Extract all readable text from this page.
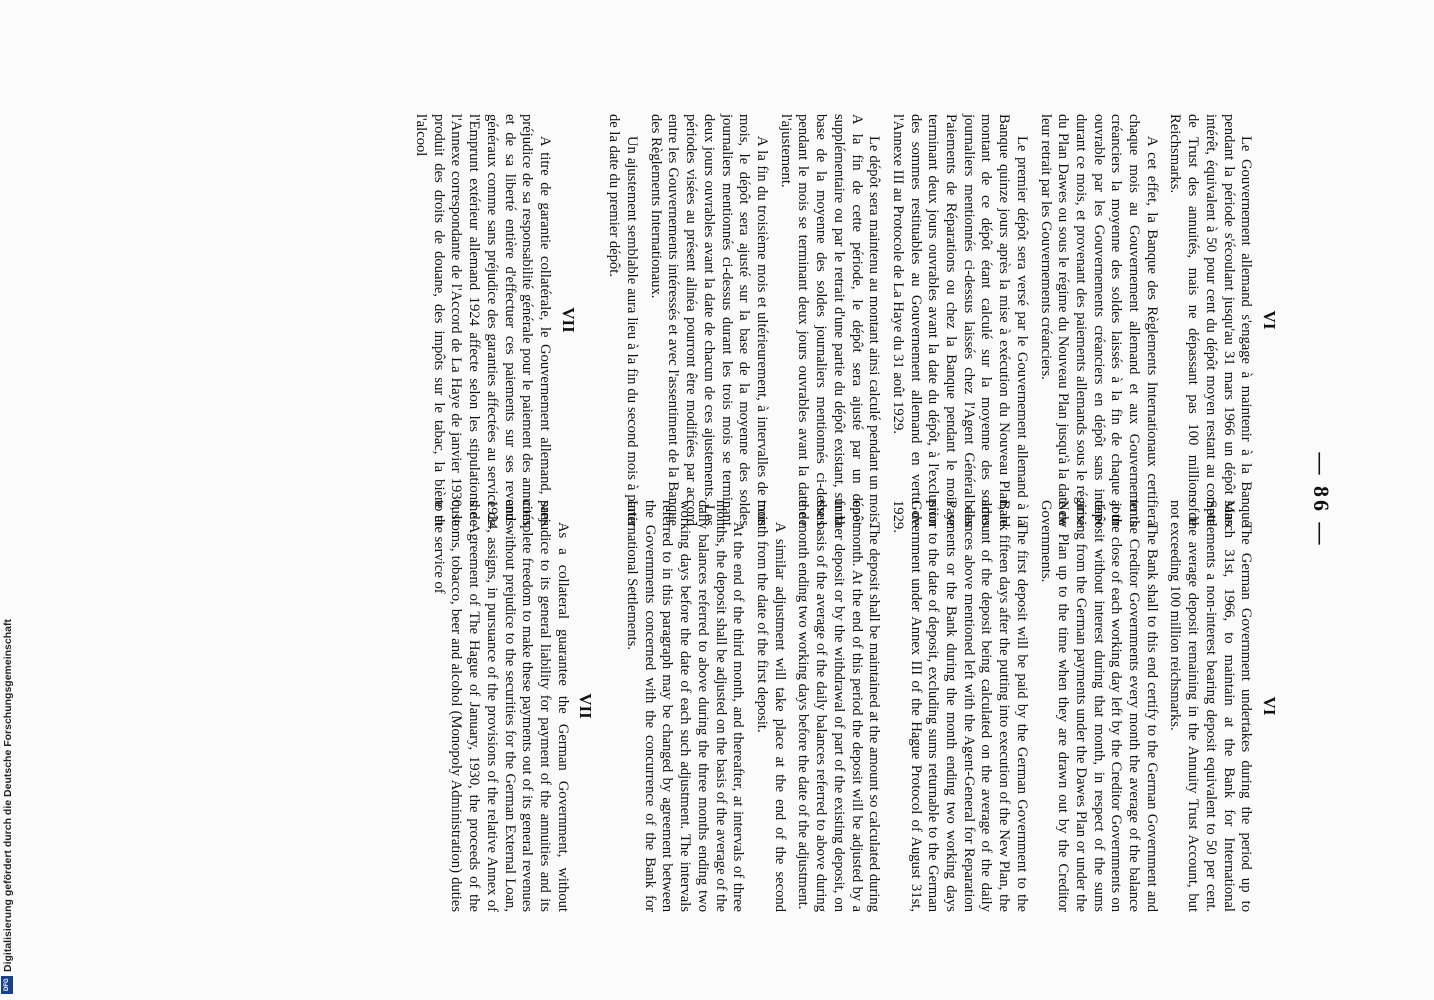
— 86 —
VI

Le Gouvernement allemand s'engage à maintenir à la Banque pendant la période s'écoulant jusqu'au 31 mars 1966 un dépôt sans intérêt, équivalent à 50 pour cent du dépôt moyen restant au compte de Trust des annuités, mais ne dépassant pas 100 millions de Reichsmarks.

A cet effet, la Banque des Règlements Internationaux certifiera chaque mois au Gouvernement allemand et aux Gouvernements créanciers la moyenne des soldes laissés à la fin de chaque jour ouvrable par les Gouvernements créanciers en dépôt sans intérêt durant ce mois, et provenant des paiements allemands sous le régime du Plan Dawes ou sous le régime du Nouveau Plan jusqu'à la date de leur retrait par les Gouvernements créanciers.

Le premier dépôt sera versé par le Gouvernement allemand à la Banque quinze jours après la mise à exécution du Nouveau Plan, le montant de ce dépôt étant calculé sur la moyenne des soldes journaliers mentionnés ci-dessus laissés chez l'Agent Général des Paiements de Réparations ou chez la Banque pendant le mois se terminant deux jours ouvrables avant la date du dépôt, à l'exclusion des sommes restituables au Gouvernement allemand en vertu de l'Annexe III au Protocole de La Haye du 31 août 1929.

Le dépôt sera maintenu au montant ainsi calculé pendant un mois. A la fin de cette période, le dépôt sera ajusté par un dépôt supplémentaire ou par le retrait d'une partie du dépôt existant, sur la base de la moyenne des soldes journaliers mentionnés ci-dessus pendant le mois se terminant deux jours ouvrables avant la date de l'ajustement.

A la fin du troisième mois et ultérieurement, à intervalles de trois mois, le dépôt sera ajusté sur la base de la moyenne des soldes journaliers mentionnés ci-dessus durant les trois mois se terminant deux jours ouvrables avant la date de chacun de ces ajustements. Les périodes visées au présent alinéa pourront être modifiées par accord entre les Gouvernements intéressés et avec l'assentiment de la Banque des Règlements Internationaux.

Un ajustement semblable aura lieu à la fin du second mois à partir de la date du premier dépôt.

VII

A titre de garantie collatérale, le Gouvernement allemand, sans préjudice de sa responsabilité générale pour le paiement des annuités et de sa liberté entière d'effectuer ces paiements sur ses revenus généraux comme sans préjudice des garanties affectées au service de l'Emprunt extérieur allemand 1924 affecte selon les stipulations de l'Annexe correspondante de l'Accord de La Haye de janvier 1930, le produit des droits de douane, des impôts sur le tabac, la bière et l'alcool

VI

The German Government undertakes during the period up to March 31st, 1966, to maintain at the Bank for International Settlements a non-interest bearing deposit equivalent to 50 per cent. of the average deposit remaining in the Annuity Trust Account, but not exceeding 100 million reichsmarks.

The Bank shall to this end certify to the German Government and to the Creditor Governments every month the average of the balance at the close of each working day left by the Creditor Governments on deposit without interest during that month, in respect of the sums arising from the German payments under the Dawes Plan or under the New Plan up to the time when they are drawn out by the Creditor Governments.

The first deposit will be paid by the German Government to the Bank fifteen days after the putting into execution of the New Plan, the amount of the deposit being calculated on the average of the daily balances above mentioned left with the Agent-General for Reparation Payments or the Bank during the month ending two working days prior to the date of deposit, excluding sums returnable to the German Government under Annex III of the Hague Protocol of August 31st, 1929.

The deposit shall be maintained at the amount so calculated during one month. At the end of this period the deposit will be adjusted by a further deposit or by the withdrawal of part of the existing deposit, on the basis of the average of the daily balances referred to above during the month ending two working days before the date of the adjustment.

A similar adjustment will take place at the end of the second month from the date of the first deposit.

At the end of the third month, and thereafter, at intervals of three months, the deposit shall be adjusted on the basis of the average of the daily balances referred to above during the three months ending two working days before the date of each such adjustment. The intervals referred to in this paragraph may be changed by agreement between the Governments concerned with the concurrence of the Bank for International Settlements.

VII

As a collateral guarantee the German Government, without prejudice to its general liability for payment of the annuities and its complete freedom to make these payments out of its general revenues and without prejudice to the securities for the German External Loan, 1924, assigns, in pursuance of the provisions of the relative Annex of the Agreement of The Hague of January, 1930, the proceeds of the customs, tobacco, beer and alcohol (Monopoly Administration) duties to the service of

Digitalisierung gefördert durch die Deutsche Forschungsgemeinschaft
DFG
